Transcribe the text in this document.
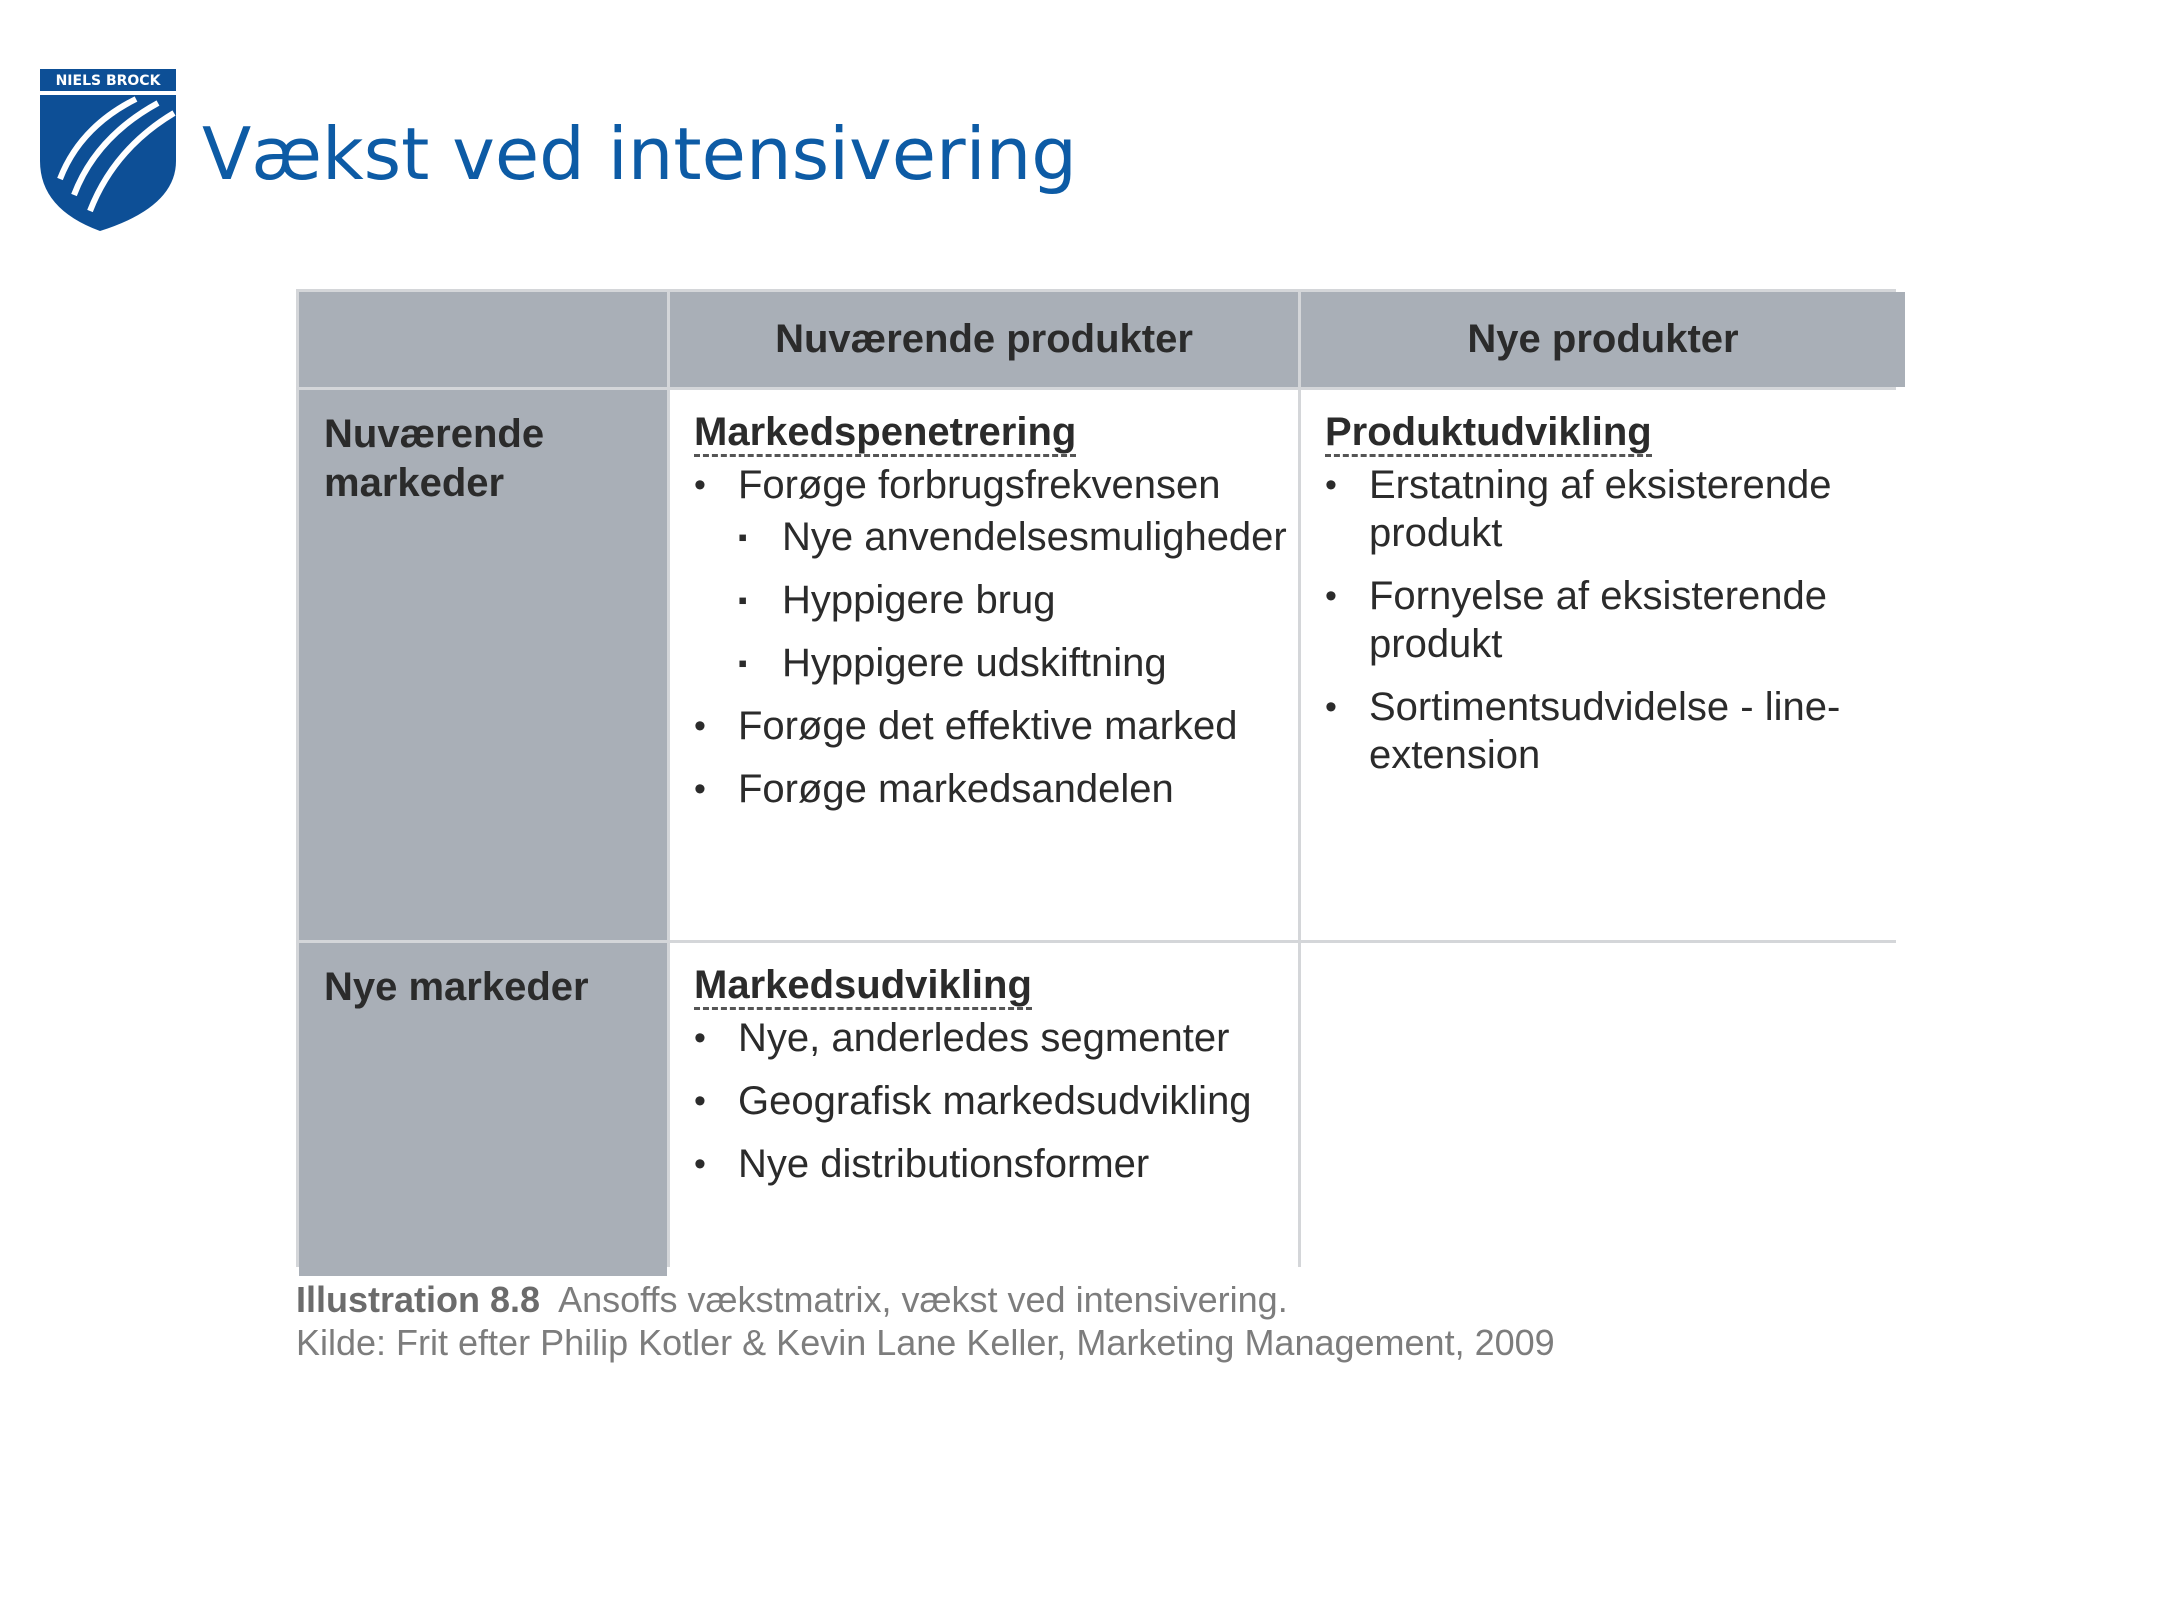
NIELS BROCK
Vækst ved intensivering
Nuværende produkter	Nye produkter
Nuværende markeder
Markedspenetrering
• Forøge forbrugsfrekvensen
▪ Nye anvendelsesmuligheder
▪ Hyppigere brug
▪ Hyppigere udskiftning
• Forøge det effektive marked
• Forøge markedsandelen
Produktudvikling
• Erstatning af eksisterende produkt
• Fornyelse af eksisterende produkt
• Sortimentsudvidelse - line-extension
Nye markeder	Markedsudvikling
• Nye, anderledes segmenter
• Geografisk markedsudvikling
• Nye distributionsformer
Illustration 8.8 Ansoffs vækstmatrix, vækst ved intensivering.
Kilde: Frit efter Philip Kotler & Kevin Lane Keller, Marketing Management, 2009
